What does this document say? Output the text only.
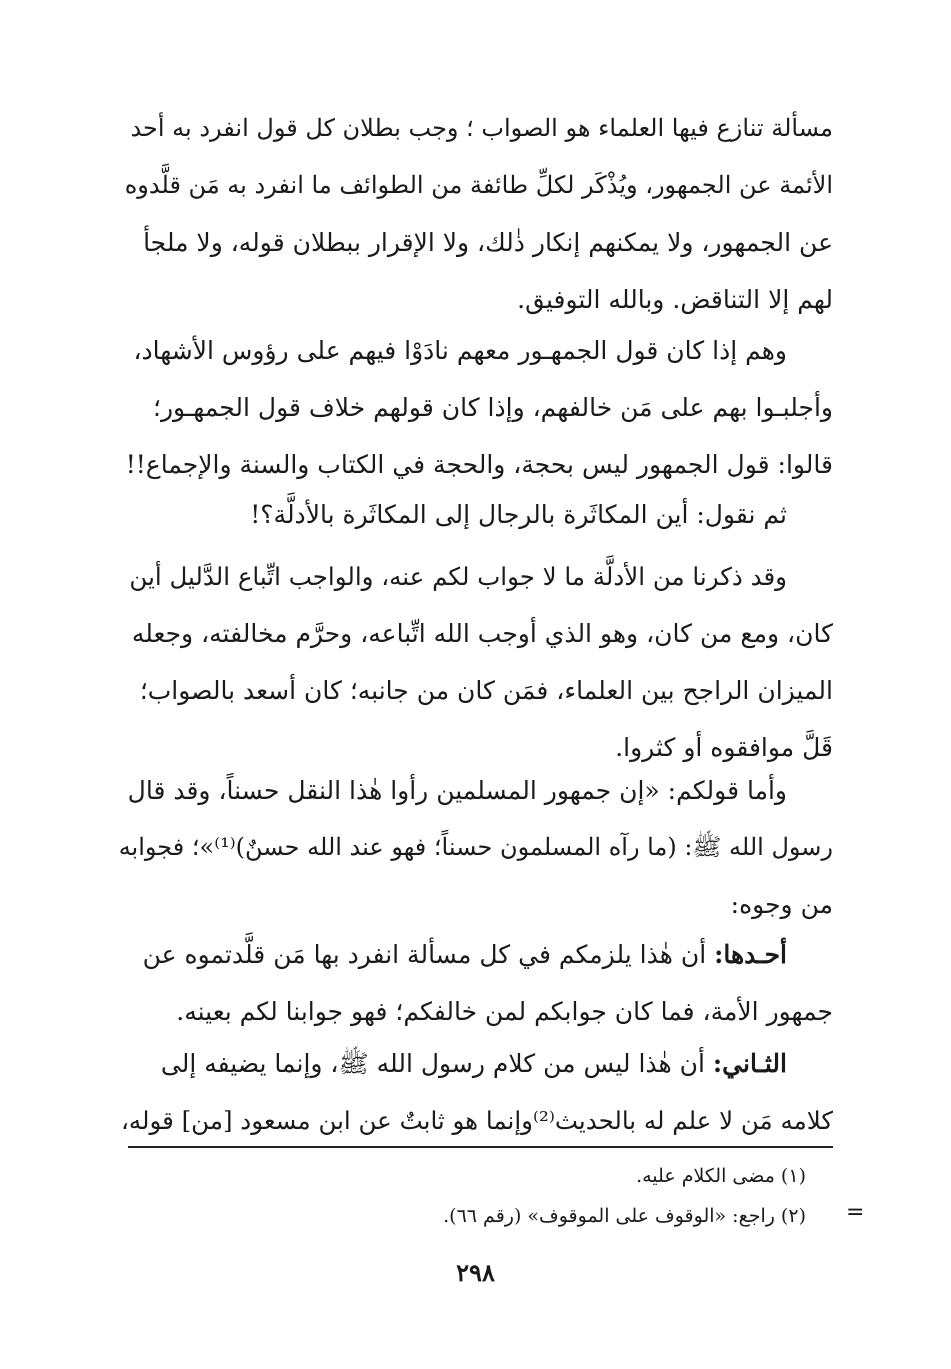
مسألة تنازع فيها العلماء هو الصواب ؛ وجب بطلان كل قول انفرد به أحد
الأئمة عن الجمهور، ويُذْكَر لكلِّ طائفة من الطوائف ما انفرد به مَن قلَّدوه
عن الجمهور، ولا يمكنهم إنكار ذٰلك، ولا الإقرار ببطلان قوله، ولا ملجأ
لهم إلا التناقض. وبالله التوفيق.
وهم إذا كان قول الجمهـور معهم نادَوْا فيهم على رؤوس الأشهاد،
وأجلبـوا بهم على مَن خالفهم، وإذا كان قولهم خلاف قول الجمهـور؛
قالوا: قول الجمهور ليس بحجة، والحجة في الكتاب والسنة والإجماع!!
ثم نقول: أين المكاثَرة بالرجال إلى المكاثَرة بالأدلَّة؟!
وقد ذكرنا من الأدلَّة ما لا جواب لكم عنه، والواجب اتِّباع الدَّليل أين
كان، ومع من كان، وهو الذي أوجب الله اتِّباعه، وحرَّم مخالفته، وجعله
الميزان الراجح بين العلماء، فمَن كان من جانبه؛ كان أسعد بالصواب؛
قَلَّ موافقوه أو كثروا.
وأما قولكم: «إن جمهور المسلمين رأوا هٰذا النقل حسناً، وقد قال
رسول الله ﷺ: (ما رآه المسلمون حسناً؛ فهو عند الله حسنٌ)⁽¹⁾»؛ فجوابه
من وجوه:
أحـدها: أن هٰذا يلزمكم في كل مسألة انفرد بها مَن قلَّدتموه عن
جمهور الأمة، فما كان جوابكم لمن خالفكم؛ فهو جوابنا لكم بعينه.
الثـاني: أن هٰذا ليس من كلام رسول الله ﷺ، وإنما يضيفه إلى
كلامه مَن لا علم له بالحديث⁽²⁾وإنما هو ثابتٌ عن ابن مسعود [من] قوله،
(١) مضى الكلام عليه.
(٢) راجع: «الوقوف على الموقوف» (رقم ٦٦). =
٢٩٨
